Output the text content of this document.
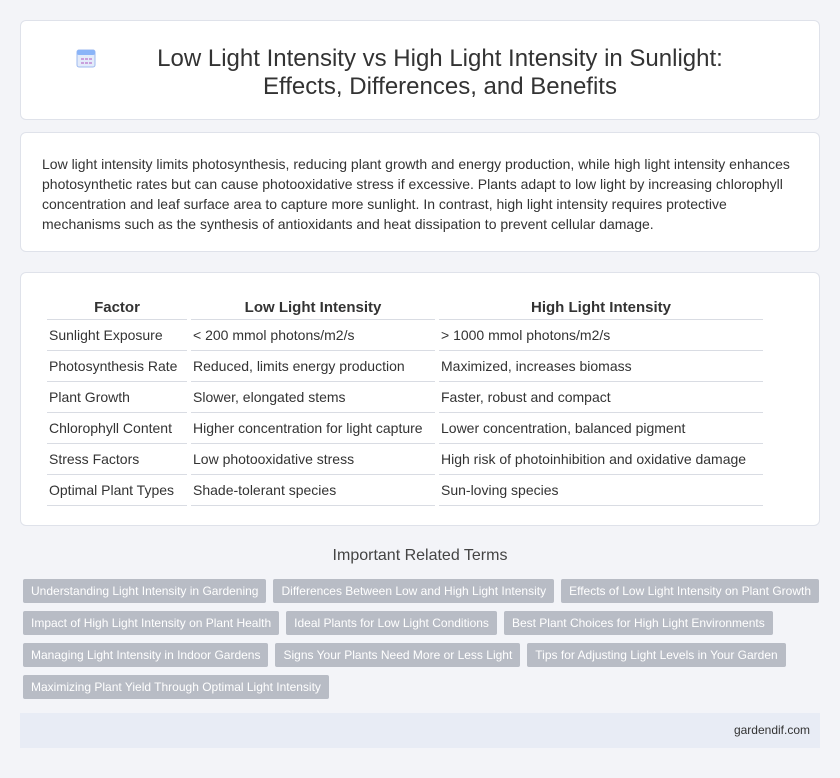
Low Light Intensity vs High Light Intensity in Sunlight: Effects, Differences, and Benefits

Low light intensity limits photosynthesis, reducing plant growth and energy production, while high light intensity enhances photosynthetic rates but can cause photooxidative stress if excessive. Plants adapt to low light by increasing chlorophyll concentration and leaf surface area to capture more sunlight. In contrast, high light intensity requires protective mechanisms such as the synthesis of antioxidants and heat dissipation to prevent cellular damage.

Factor	Low Light Intensity	High Light Intensity
Sunlight Exposure	< 200 mmol photons/m2/s	> 1000 mmol photons/m2/s
Photosynthesis Rate	Reduced, limits energy production	Maximized, increases biomass
Plant Growth	Slower, elongated stems	Faster, robust and compact
Chlorophyll Content	Higher concentration for light capture	Lower concentration, balanced pigment
Stress Factors	Low photooxidative stress	High risk of photoinhibition and oxidative damage
Optimal Plant Types	Shade-tolerant species	Sun-loving species
Important Related Terms
Understanding Light Intensity in Gardening	Differences Between Low and High Light Intensity	Effects of Low Light Intensity on Plant Growth
Impact of High Light Intensity on Plant Health	Ideal Plants for Low Light Conditions	Best Plant Choices for High Light Environments
Managing Light Intensity in Indoor Gardens	Signs Your Plants Need More or Less Light	Tips for Adjusting Light Levels in Your Garden
Maximizing Plant Yield Through Optimal Light Intensity
gardendif.com
